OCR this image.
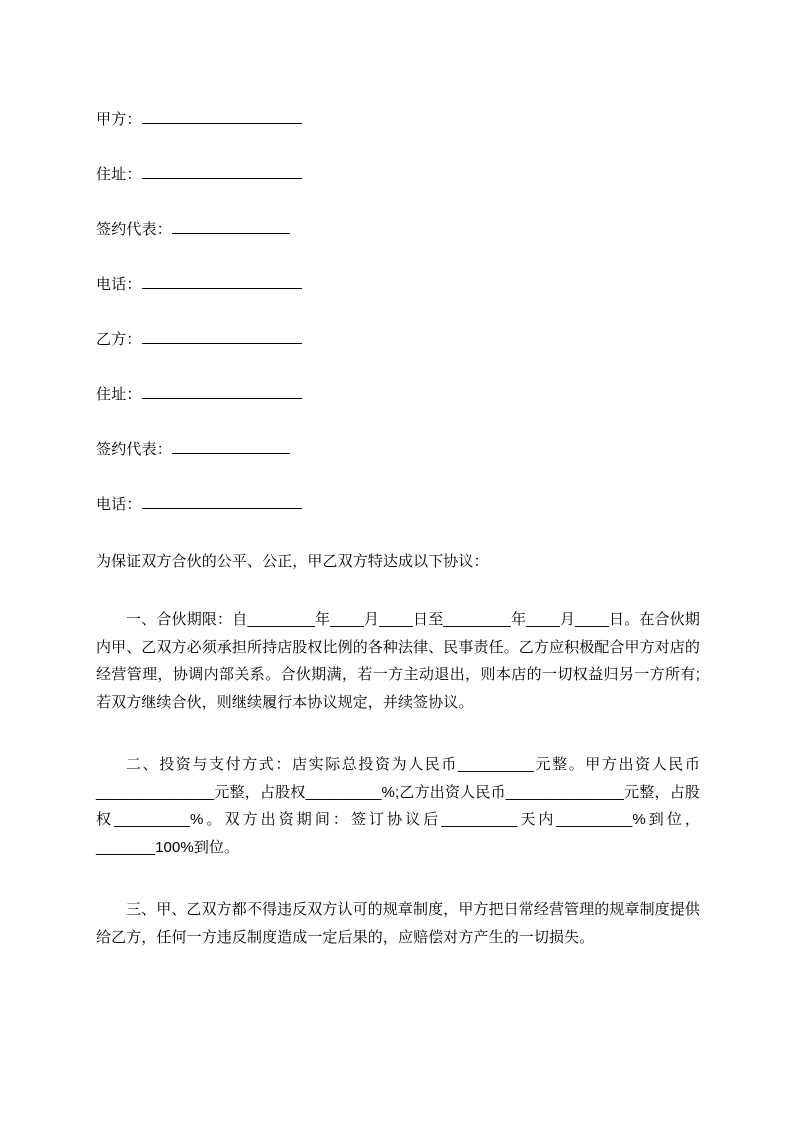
甲方：
住址：
签约代表：
电话：
乙方：
住址：
签约代表：
电话：
为保证双方合伙的公平、公正，甲乙双方特达成以下协议：
一、合伙期限：自________年____月____日至________年____月____日。在合伙期内甲、乙双方必须承担所持店股权比例的各种法律、民事责任。乙方应积极配合甲方对店的经营管理，协调内部关系。合伙期满，若一方主动退出，则本店的一切权益归另一方所有;若双方继续合伙，则继续履行本协议规定，并续签协议。
二、投资与支付方式：店实际总投资为人民币_________元整。甲方出资人民币______________元整，占股权_________%;乙方出资人民币______________元整，占股权_________%。双方出资期间：签订协议后_________天内_________%到位，_______100%到位。
三、甲、乙双方都不得违反双方认可的规章制度，甲方把日常经营管理的规章制度提供给乙方，任何一方违反制度造成一定后果的，应赔偿对方产生的一切损失。
